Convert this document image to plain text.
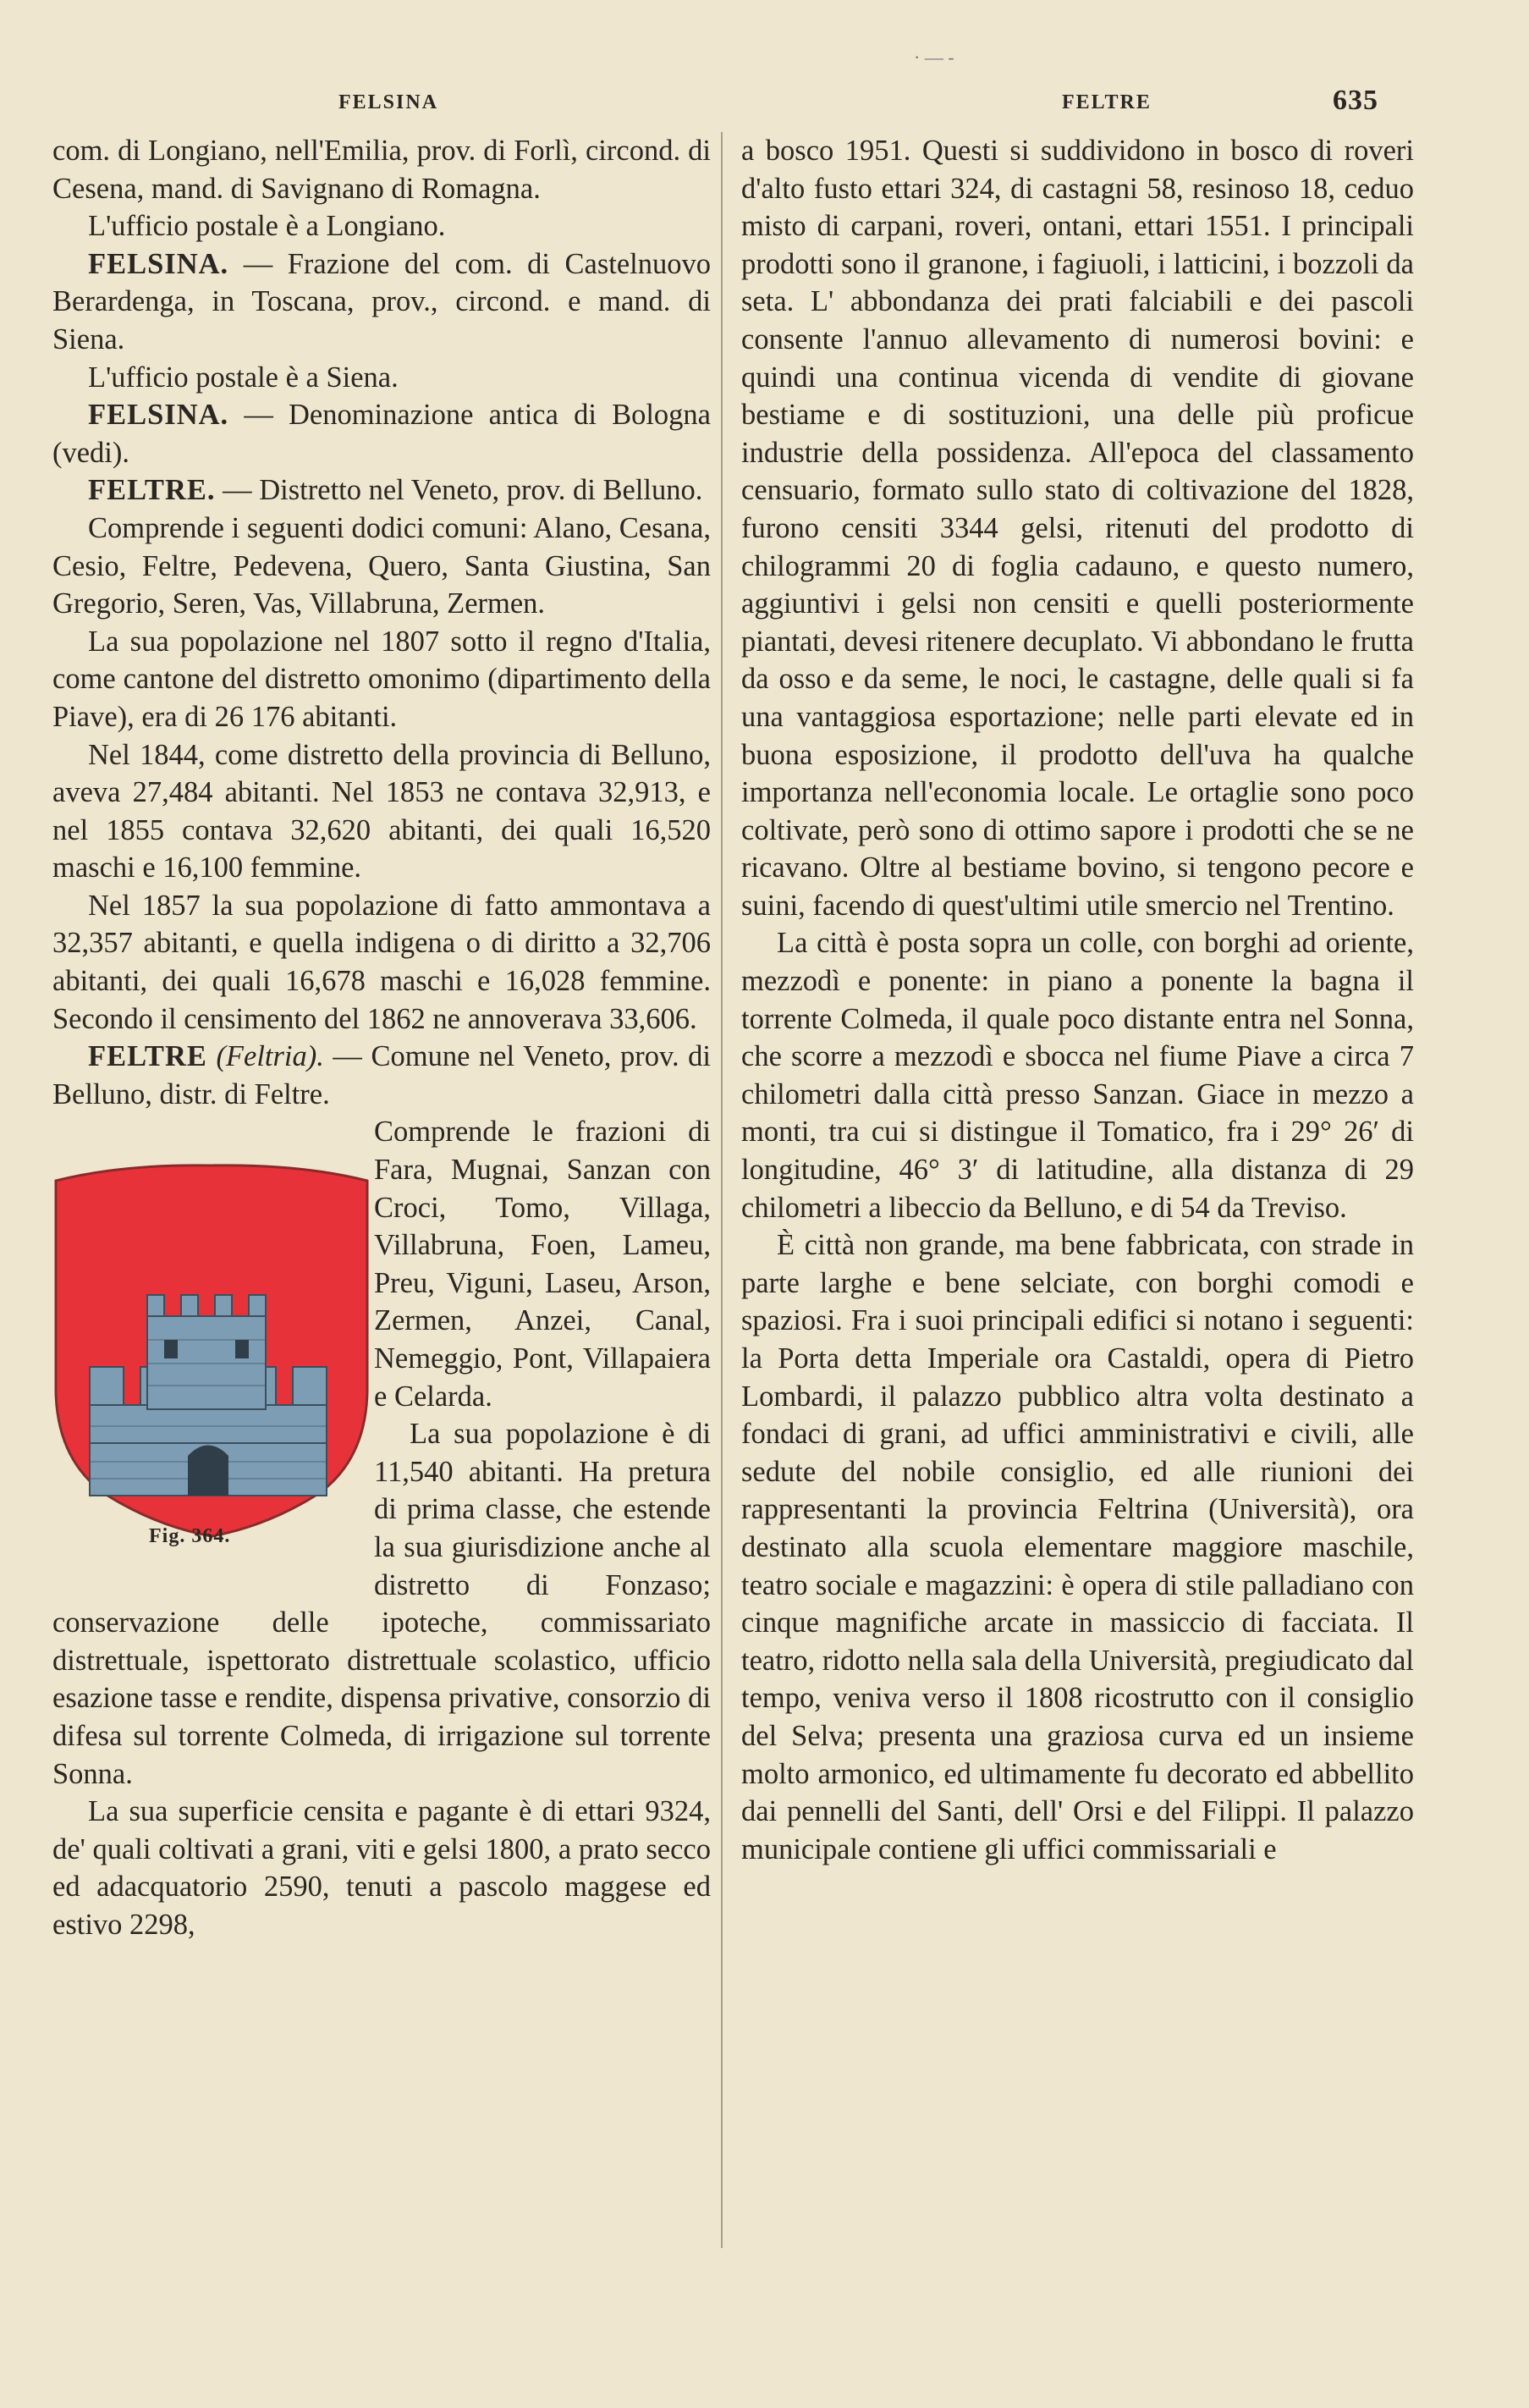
· — -
FELSINA	FELTRE	635

com. di Longiano, nell'Emilia, prov. di Forlì, circond. di Cesena, mand. di Savignano di Romagna.

L'ufficio postale è a Longiano.

FELSINA. — Frazione del com. di Castelnuovo Berardenga, in Toscana, prov., circond. e mand. di Siena.

L'ufficio postale è a Siena.

FELSINA. — Denominazione antica di Bologna (vedi).

FELTRE. — Distretto nel Veneto, prov. di Belluno.

Comprende i seguenti dodici comuni: Alano, Cesana, Cesio, Feltre, Pedevena, Quero, Santa Giustina, San Gregorio, Seren, Vas, Villabruna, Zermen.

La sua popolazione nel 1807 sotto il regno d'Italia, come cantone del distretto omonimo (dipartimento della Piave), era di 26 176 abitanti.

Nel 1844, come distretto della provincia di Belluno, aveva 27,484 abitanti. Nel 1853 ne contava 32,913, e nel 1855 contava 32,620 abitanti, dei quali 16,520 maschi e 16,100 femmine.

Nel 1857 la sua popolazione di fatto ammontava a 32,357 abitanti, e quella indigena o di diritto a 32,706 abitanti, dei quali 16,678 maschi e 16,028 femmine. Secondo il censimento del 1862 ne annoverava 33,606.

FELTRE (Feltria). — Comune nel Veneto, prov. di Belluno, distr. di Feltre.

Fig. 364.

Comprende le frazioni di Fara, Mugnai, Sanzan con Croci, Tomo, Villaga, Villabruna, Foen, Lameu, Preu, Viguni, Laseu, Arson, Zermen, Anzei, Canal, Nemeggio, Pont, Villapaiera e Celarda.

La sua popolazione è di 11,540 abitanti. Ha pretura di prima classe, che estende la sua giurisdizione anche al distretto di Fonzaso; conservazione delle ipoteche, commissariato distrettuale, ispettorato distrettuale scolastico, ufficio esazione tasse e rendite, dispensa privative, consorzio di difesa sul torrente Colmeda, di irrigazione sul torrente Sonna.

La sua superficie censita e pagante è di ettari 9324, de' quali coltivati a grani, viti e gelsi 1800, a prato secco ed adacquatorio 2590, tenuti a pascolo maggese ed estivo 2298,

a bosco 1951. Questi si suddividono in bosco di roveri d'alto fusto ettari 324, di castagni 58, resinoso 18, ceduo misto di carpani, roveri, ontani, ettari 1551. I principali prodotti sono il granone, i fagiuoli, i latticini, i bozzoli da seta. L' abbondanza dei prati falciabili e dei pascoli consente l'annuo allevamento di numerosi bovini: e quindi una continua vicenda di vendite di giovane bestiame e di sostituzioni, una delle più proficue industrie della possidenza. All'epoca del classamento censuario, formato sullo stato di coltivazione del 1828, furono censiti 3344 gelsi, ritenuti del prodotto di chilogrammi 20 di foglia cadauno, e questo numero, aggiuntivi i gelsi non censiti e quelli posteriormente piantati, devesi ritenere decuplato. Vi abbondano le frutta da osso e da seme, le noci, le castagne, delle quali si fa una vantaggiosa esportazione; nelle parti elevate ed in buona esposizione, il prodotto dell'uva ha qualche importanza nell'economia locale. Le ortaglie sono poco coltivate, però sono di ottimo sapore i prodotti che se ne ricavano. Oltre al bestiame bovino, si tengono pecore e suini, facendo di quest'ultimi utile smercio nel Trentino.

La città è posta sopra un colle, con borghi ad oriente, mezzodì e ponente: in piano a ponente la bagna il torrente Colmeda, il quale poco distante entra nel Sonna, che scorre a mezzodì e sbocca nel fiume Piave a circa 7 chilometri dalla città presso Sanzan. Giace in mezzo a monti, tra cui si distingue il Tomatico, fra i 29° 26′ di longitudine, 46° 3′ di latitudine, alla distanza di 29 chilometri a libeccio da Belluno, e di 54 da Treviso.

È città non grande, ma bene fabbricata, con strade in parte larghe e bene selciate, con borghi comodi e spaziosi. Fra i suoi principali edifici si notano i seguenti: la Porta detta Imperiale ora Castaldi, opera di Pietro Lombardi, il palazzo pubblico altra volta destinato a fondaci di grani, ad uffici amministrativi e civili, alle sedute del nobile consiglio, ed alle riunioni dei rappresentanti la provincia Feltrina (Università), ora destinato alla scuola elementare maggiore maschile, teatro sociale e magazzini: è opera di stile palladiano con cinque magnifiche arcate in massiccio di facciata. Il teatro, ridotto nella sala della Università, pregiudicato dal tempo, veniva verso il 1808 ricostrutto con il consiglio del Selva; presenta una graziosa curva ed un insieme molto armonico, ed ultimamente fu decorato ed abbellito dai pennelli del Santi, dell' Orsi e del Filippi. Il palazzo municipale contiene gli uffici commissariali e
